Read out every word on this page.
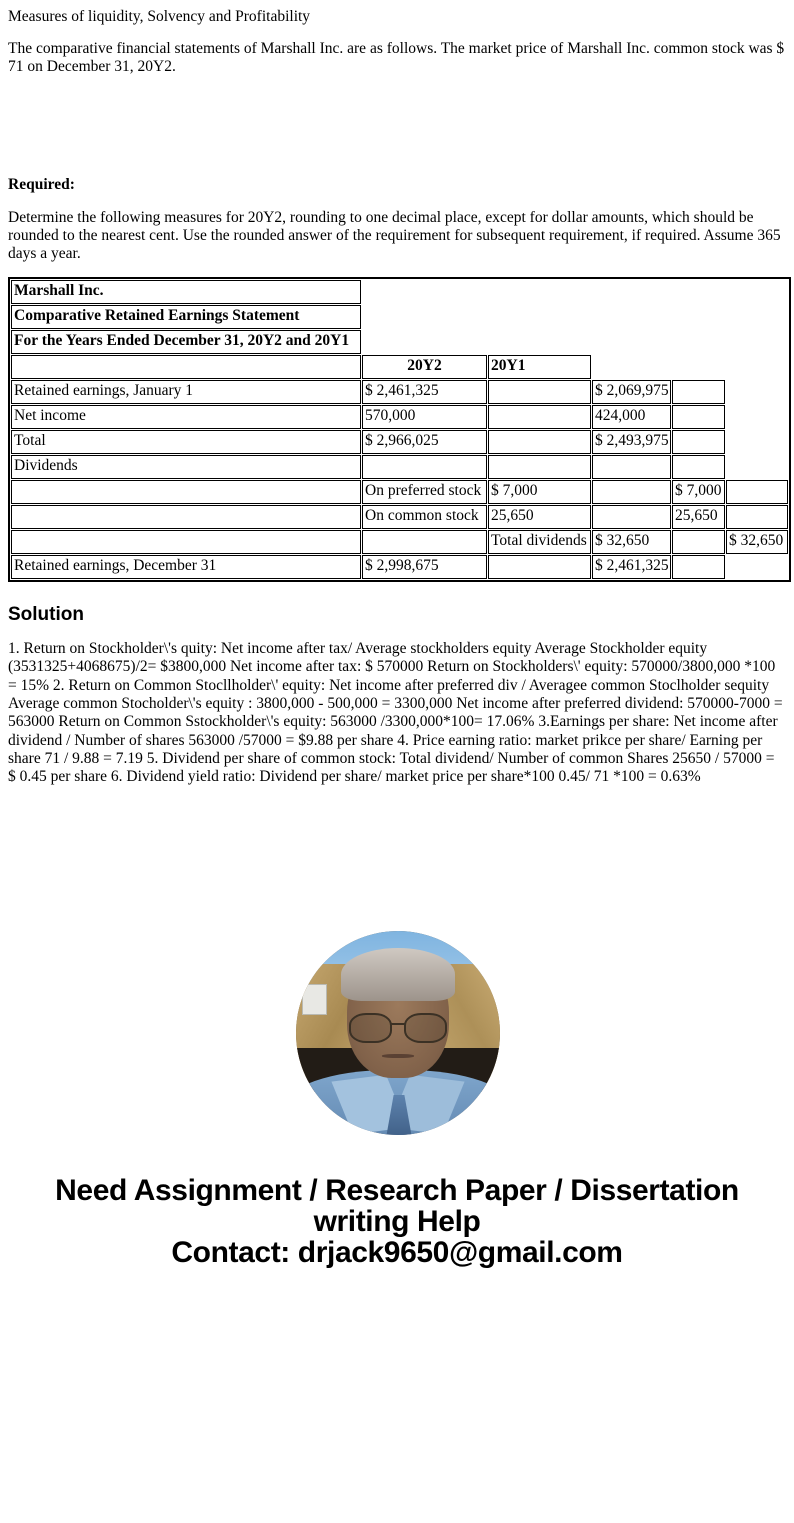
Measures of liquidity, Solvency and Profitability

The comparative financial statements of Marshall Inc. are as follows. The market price of Marshall Inc. common stock was $ 71 on December 31, 20Y2.

Required:

Determine the following measures for 20Y2, rounding to one decimal place, except for dollar amounts, which should be rounded to the nearest cent. Use the rounded answer of the requirement for subsequent requirement, if required. Assume 365 days a year.

Marshall Inc.					
Comparative Retained Earnings Statement					
For the Years Ended December 31, 20Y2 and 20Y1					
	20Y2	20Y1			
Retained earnings, January 1	$ 2,461,325		$ 2,069,975		
Net income	570,000		424,000		
Total	$ 2,966,025		$ 2,493,975		
Dividends					
	On preferred stock	$ 7,000		$ 7,000	
	On common stock	25,650		25,650	
		Total dividends	$ 32,650		$ 32,650
Retained earnings, December 31	$ 2,998,675		$ 2,461,325		
Solution

1. Return on Stockholder\'s quity: Net income after tax/ Average stockholders equity Average Stockholder equity (3531325+4068675)/2= $3800,000 Net income after tax: $ 570000 Return on Stockholders\' equity: 570000/3800,000 *100 = 15% 2. Return on Common Stocllholder\' equity: Net income after preferred div / Averagee common Stoclholder sequity Average common Stocholder\'s equity : 3800,000 - 500,000 = 3300,000 Net income after preferred dividend: 570000-7000 = 563000 Return on Common Sstockholder\'s equity: 563000 /3300,000*100= 17.06% 3.Earnings per share: Net income after dividend / Number of shares 563000 /57000 = $9.88 per share 4. Price earning ratio: market prikce per share/ Earning per share 71 / 9.88 = 7.19 5. Dividend per share of common stock: Total dividend/ Number of common Shares 25650 / 57000 = $ 0.45 per share 6. Dividend yield ratio: Dividend per share/ market price per share*100 0.45/ 71 *100 = 0.63%

Need Assignment / Research Paper / Dissertation
writing Help
Contact: drjack9650@gmail.com
